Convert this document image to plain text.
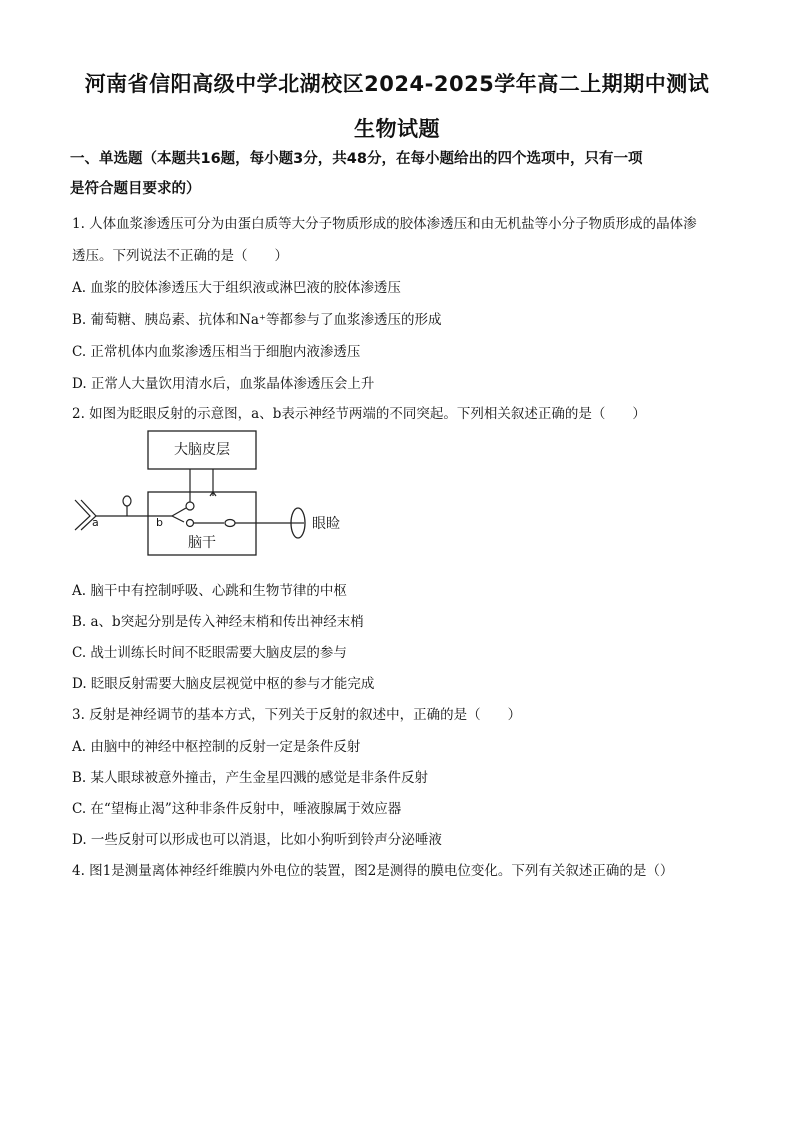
河南省信阳高级中学北湖校区2024-2025学年高二上期期中测试
生物试题
一、单选题（本题共16题，每小题3分，共48分，在每小题给出的四个选项中，只有一项
是符合题目要求的）
1. 人体血浆渗透压可分为由蛋白质等大分子物质形成的胶体渗透压和由无机盐等小分子物质形成的晶体渗
透压。下列说法不正确的是（　　）
A. 血浆的胶体渗透压大于组织液或淋巴液的胶体渗透压
B. 葡萄糖、胰岛素、抗体和Na⁺等都参与了血浆渗透压的形成
C. 正常机体内血浆渗透压相当于细胞内液渗透压
D. 正常人大量饮用清水后，血浆晶体渗透压会上升
2. 如图为眨眼反射的示意图，a、b表示神经节两端的不同突起。下列相关叙述正确的是（　　）
大脑皮层
脑干
a	b	眼睑
A. 脑干中有控制呼吸、心跳和生物节律的中枢
B. a、b突起分别是传入神经末梢和传出神经末梢
C. 战士训练长时间不眨眼需要大脑皮层的参与
D. 眨眼反射需要大脑皮层视觉中枢的参与才能完成
3. 反射是神经调节的基本方式，下列关于反射的叙述中，正确的是（　　）
A. 由脑中的神经中枢控制的反射一定是条件反射
B. 某人眼球被意外撞击，产生金星四溅的感觉是非条件反射
C. 在“望梅止渴”这种非条件反射中，唾液腺属于效应器
D. 一些反射可以形成也可以消退，比如小狗听到铃声分泌唾液
4. 图1是测量离体神经纤维膜内外电位的装置，图2是测得的膜电位变化。下列有关叙述正确的是（）
